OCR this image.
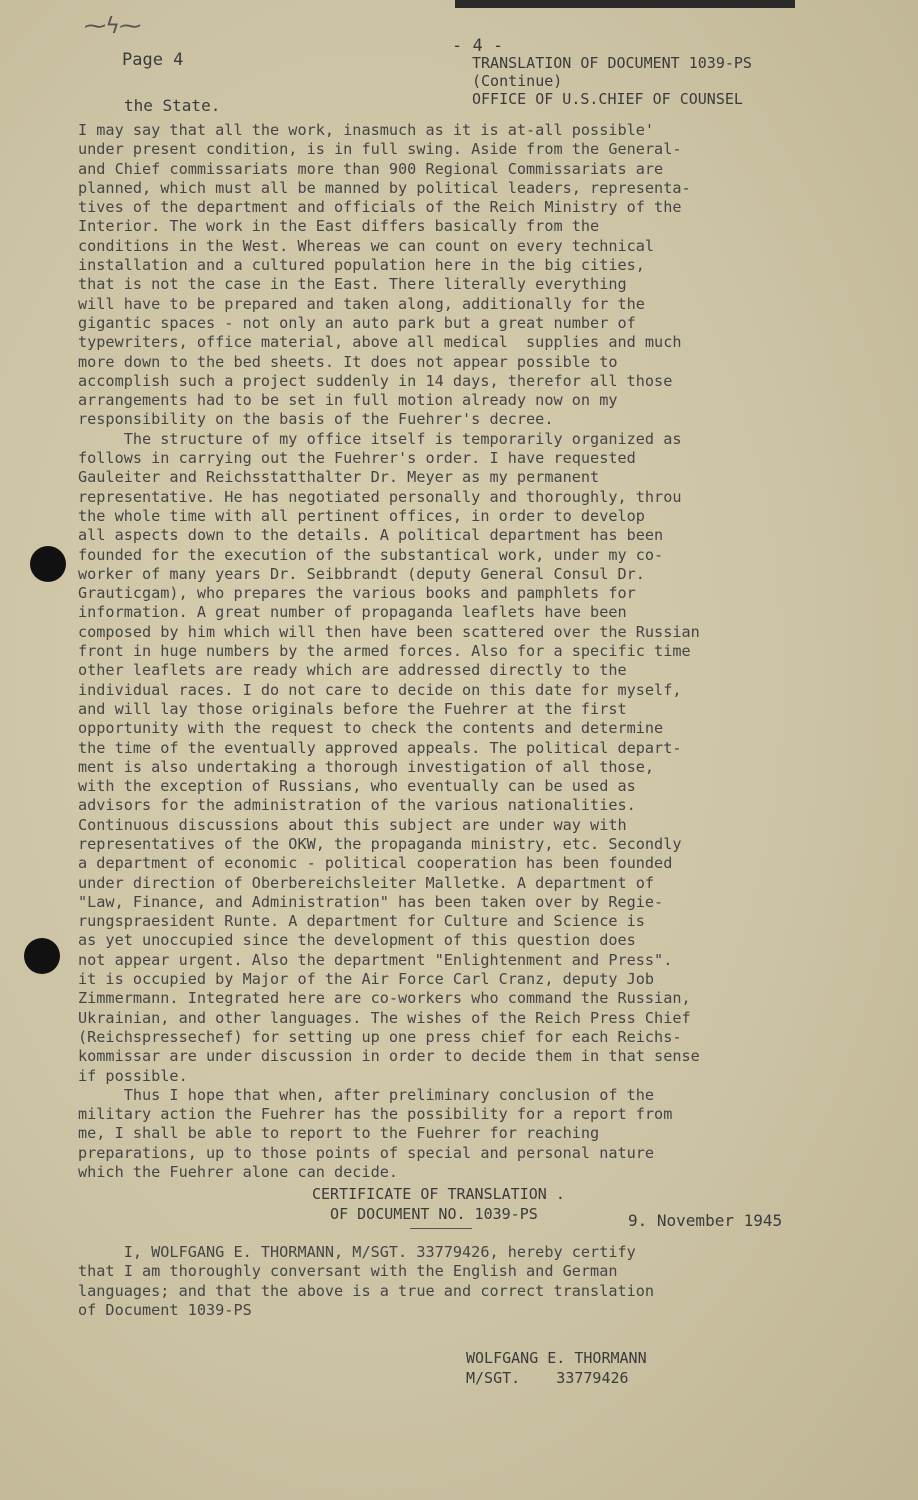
⁓ϟ⁓
Page 4
- 4 -
TRANSLATION OF DOCUMENT 1039-PS
(Continue)
OFFICE OF U.S.CHIEF OF COUNSEL
the State.
I may say that all the work, inasmuch as it is at-all possible'
under present condition, is in full swing. Aside from the General-
and Chief commissariats more than 900 Regional Commissariats are
planned, which must all be manned by political leaders, representa-
tives of the department and officials of the Reich Ministry of the
Interior. The work in the East differs basically from the
conditions in the West. Whereas we can count on every technical
installation and a cultured population here in the big cities,
that is not the case in the East. There literally everything
will have to be prepared and taken along, additionally for the
gigantic spaces - not only an auto park but a great number of
typewriters, office material, above all medical  supplies and much
more down to the bed sheets. It does not appear possible to
accomplish such a project suddenly in 14 days, therefor all those
arrangements had to be set in full motion already now on my
responsibility on the basis of the Fuehrer's decree.
The structure of my office itself is temporarily organized as
follows in carrying out the Fuehrer's order. I have requested
Gauleiter and Reichsstatthalter Dr. Meyer as my permanent
representative. He has negotiated personally and thoroughly, throu
the whole time with all pertinent offices, in order to develop
all aspects down to the details. A political department has been
founded for the execution of the substantical work, under my co-
worker of many years Dr. Seibbrandt (deputy General Consul Dr.
Grauticgam), who prepares the various books and pamphlets for
information. A great number of propaganda leaflets have been
composed by him which will then have been scattered over the Russian
front in huge numbers by the armed forces. Also for a specific time
other leaflets are ready which are addressed directly to the
individual races. I do not care to decide on this date for myself,
and will lay those originals before the Fuehrer at the first
opportunity with the request to check the contents and determine
the time of the eventually approved appeals. The political depart-
ment is also undertaking a thorough investigation of all those,
with the exception of Russians, who eventually can be used as
advisors for the administration of the various nationalities.
Continuous discussions about this subject are under way with
representatives of the OKW, the propaganda ministry, etc. Secondly
a department of economic - political cooperation has been founded
under direction of Oberbereichsleiter Malletke. A department of
"Law, Finance, and Administration" has been taken over by Regie-
rungspraesident Runte. A department for Culture and Science is
as yet unoccupied since the development of this question does
not appear urgent. Also the department "Enlightenment and Press".
it is occupied by Major of the Air Force Carl Cranz, deputy Job
Zimmermann. Integrated here are co-workers who command the Russian,
Ukrainian, and other languages. The wishes of the Reich Press Chief
(Reichspressechef) for setting up one press chief for each Reichs-
kommissar are under discussion in order to decide them in that sense
if possible.
Thus I hope that when, after preliminary conclusion of the
military action the Fuehrer has the possibility for a report from
me, I shall be able to report to the Fuehrer for reaching
preparations, up to those points of special and personal nature
which the Fuehrer alone can decide.
CERTIFICATE OF TRANSLATION .
OF DOCUMENT NO. 1039-PS	9. November 1945
I, WOLFGANG E. THORMANN, M/SGT. 33779426, hereby certify
that I am thoroughly conversant with the English and German
languages; and that the above is a true and correct translation
of Document 1039-PS
WOLFGANG E. THORMANN
M/SGT.    33779426
